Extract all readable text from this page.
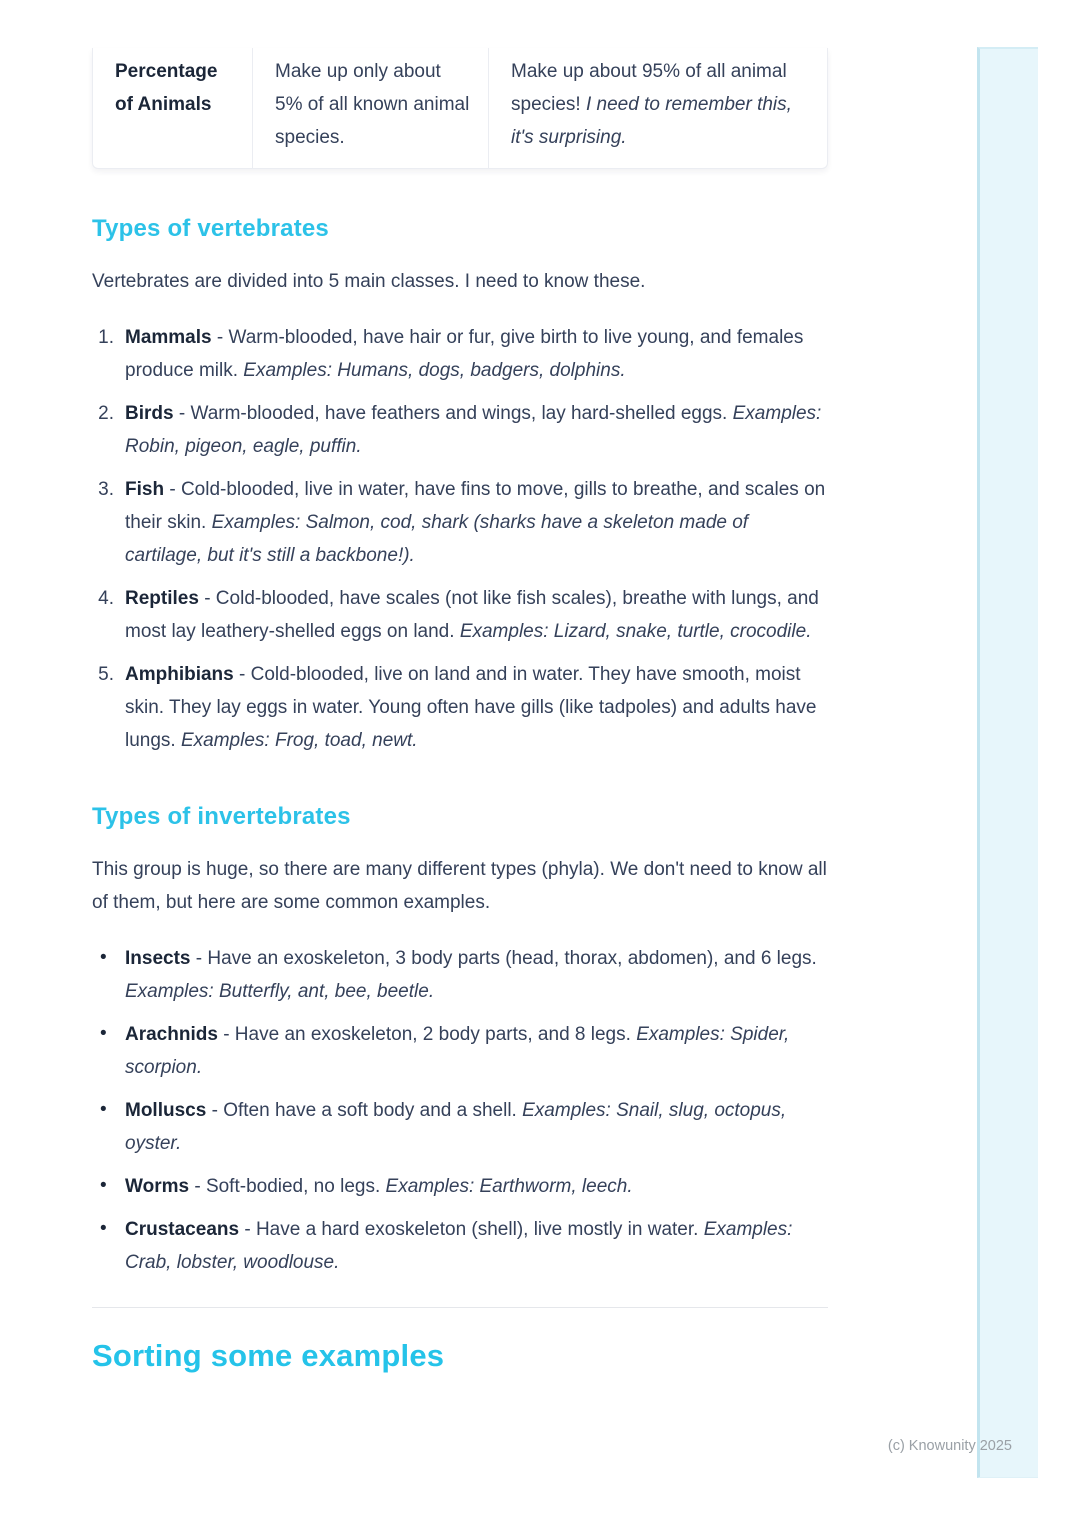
Percentage of Animals
Make up only about 5% of all known animal species.
Make up about 95% of all animal species! I need to remember this, it's surprising.
Types of vertebrates

Vertebrates are divided into 5 main classes. I need to know these.

1. Mammals - Warm-blooded, have hair or fur, give birth to live young, and females produce milk. Examples: Humans, dogs, badgers, dolphins.
2. Birds - Warm-blooded, have feathers and wings, lay hard-shelled eggs. Examples: Robin, pigeon, eagle, puffin.
3. Fish - Cold-blooded, live in water, have fins to move, gills to breathe, and scales on their skin. Examples: Salmon, cod, shark (sharks have a skeleton made of cartilage, but it's still a backbone!).
4. Reptiles - Cold-blooded, have scales (not like fish scales), breathe with lungs, and most lay leathery-shelled eggs on land. Examples: Lizard, snake, turtle, crocodile.
5. Amphibians - Cold-blooded, live on land and in water. They have smooth, moist skin. They lay eggs in water. Young often have gills (like tadpoles) and adults have lungs. Examples: Frog, toad, newt.
Types of invertebrates

This group is huge, so there are many different types (phyla). We don't need to know all of them, but here are some common examples.

• Insects - Have an exoskeleton, 3 body parts (head, thorax, abdomen), and 6 legs. Examples: Butterfly, ant, bee, beetle.
• Arachnids - Have an exoskeleton, 2 body parts, and 8 legs. Examples: Spider, scorpion.
• Molluscs - Often have a soft body and a shell. Examples: Snail, slug, octopus, oyster.
• Worms - Soft-bodied, no legs. Examples: Earthworm, leech.
• Crustaceans - Have a hard exoskeleton (shell), live mostly in water. Examples: Crab, lobster, woodlouse.
Sorting some examples
(c) Knowunity 2025
